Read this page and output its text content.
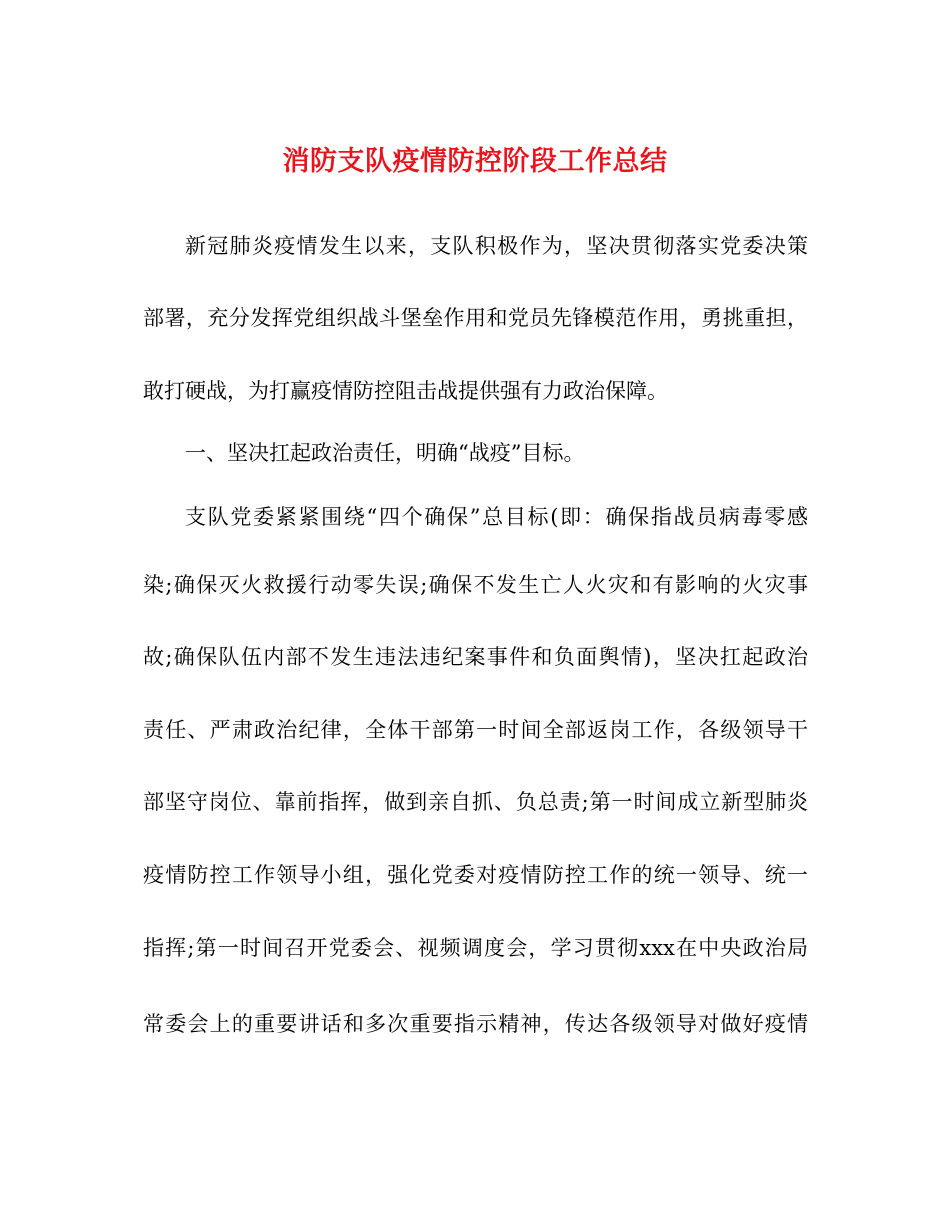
消防支队疫情防控阶段工作总结
新冠肺炎疫情发生以来，支队积极作为，坚决贯彻落实党委决策
部署，充分发挥党组织战斗堡垒作用和党员先锋模范作用，勇挑重担，
敢打硬战，为打赢疫情防控阻击战提供强有力政治保障。
一、坚决扛起政治责任，明确“战疫”目标。
支队党委紧紧围绕“四个确保”总目标(即：确保指战员病毒零感
染;确保灭火救援行动零失误;确保不发生亡人火灾和有影响的火灾事
故;确保队伍内部不发生违法违纪案事件和负面舆情)，坚决扛起政治
责任、严肃政治纪律，全体干部第一时间全部返岗工作，各级领导干
部坚守岗位、靠前指挥，做到亲自抓、负总责;第一时间成立新型肺炎
疫情防控工作领导小组，强化党委对疫情防控工作的统一领导、统一
指挥;第一时间召开党委会、视频调度会，学习贯彻xxx在中央政治局
常委会上的重要讲话和多次重要指示精神，传达各级领导对做好疫情
